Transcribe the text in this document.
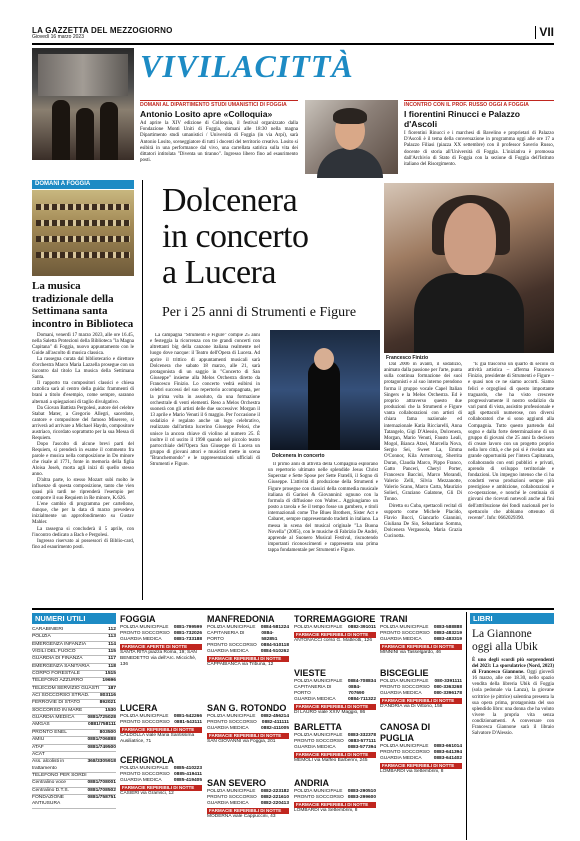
LA GAZZETTA DEL MEZZOGIORNO
Giovedì 16 marzo 2023	VII
VIVILACITTÀ
DOMANI AL DIPARTIMENTO STUDI UMANISTICI DI FOGGIA
Antonio Losito apre «Colloquia»
Ad aprire la XIV edizione di Colloquia, il festival organizzato dalla Fondazione Monti Uniti di Foggia, domani alle 18:30 nella magna Dipartimento studi umanistici / Università di Foggia (in via Arpi), sarà Antonio Losito, sceneggiatore di tutti i docenti del territorio creativo. Losito si esibirà in una performance dal vivo, una carrellata satirica sulla vita dei dittatori intitolata "Diventa un tiranno". Ingresso libero fino ad esaurimento posti.
INCONTRO CON IL PROF. RUSSO OGGI A FOGGIA
I fiorentini Rinucci e Palazzo d'Ascoli
I fiorentini Rinucci e i marchesi di Bavelino e proprietari di Palazzo D'Ascoli è il tema della conversazione in programma oggi alle ore 17 a Palazzo Filiasi (piazza XX settembre) con il professor Saverio Russo, docente di storia all'Università di Foggia. L'iniziativa è promossa dall'Archivio di Stato di Foggia con la sezione di Foggia dell'Istituto italiano del Risorgimento.
DOMANI A FOGGIA
La musica tradizionale della Settimana santa incontro in Biblioteca

Domani, venerdì 17 marzo 2023, alle ore 16.45, nella Saletta Protezioni della Biblioteca "la Magna Capitana" di Foggia, nuovo appuntamento con le Guide all'ascolto di musica classica.

La rassegna curata dal bibliotecario e direttore d'orchestra Marco Maria Lazzella prosegue con un incontro dal titolo La musica della Settimana Santa.

Il rapporto tra compositori classici e chiesa cattolica sarà al centro della guida: frammenti di brani a titolo d'esempio, come sempre, saranno alternati a spiegazioni di taglio divulgativo.

Da Giovan Battista Pergolesi, autore del celebre Stabat Mater, a Gregorio Allegri, sacerdote, cantore e compositore del famoso Miserere, si arriverà ad arrivare a Michael Haydn, compositore austriaco, ricordato soprattutto per la sua Messa di Requiem.

Dopo l'ascolto di alcune brevi parti del Requiem, si prenderà in esame il commento fra parole e musica nella composizione in Do minore che risale al 1771, fonte in memoria della figlia Aloisa Joseh, morta agli inizi di quello stesso anno.

D'altra parte, lo stesso Mozart subì molto le influenze di questa composizione, tanto che vien quasi più tardi ne riprenderà l'esempio per comporre il suo Requiem in Re minore, K.626.

L'ene cambio di programma per cartellone, dunque, che per la data di marzo prevedeva inizialmente un approfondimento su Gustav Mahler.

La rassegna si concluderà il 5 aprile, con l'incontro dedicato a Bach e Pergolesi.

Ingresso riservato ai possessori di Biblio-card, fino ad esaurimento posti.

Dolcenera
in concerto
a Lucera
Per i 25 anni di Strumenti e Figure
Francesco Finizio
Dolcenera in concerto

La campagna "Strumenti e Figure" compie 25 anni e festeggia la ricorrenza con tre grandi concerti con altrettanti big della canzone italiana realmente nel luogo dove nacque: il Teatro dell'Opera di Lucera. Ad aprire il trittico di appuntamenti musicali sarà Dolcenera che sabato 18 marzo, alle 21, sarà protagonista di un saggio in "Concerto di San Giuseppe" insieme alla Melos Orchestra diretto da Francesco Finizio. Lo concerto vedrà esibirsi in celebri successi del suo repertorio accompagnata, per la prima volta in assoluto, da una formazione orchestrale di venti elementi. Reso a Melos Orchestra suonerà con gli artisti delle due successive: Morgan il 13 aprile e Mario Venuti il 6 maggio. Per l'occasione il sodalizio è regalato anche un logo celebrativo, realizzato dall'artista lucerino Giuseppe Pelosi, che unisce la ancora chiave di violino al numero 25. È inoltre il cd uscito il 1998 quando nel piccolo teatro parrocchiale dell'Opera San Giuseppe di Lucera un gruppo di giovani attori e musicisti mette in scena "Branchemondo" e le rappresentazioni ufficiali di Strumenti e Figure.	Il primo anni di attività della Compagnia esplorano un repertorio ultimato nelle splendide Jesus Christ Superstar e Sette Spose per Sette Fratelli, il Sogno di Giuseppe. L'attività di produzione della Strumenti e Figure prosegue con classici della commedia musicale italiana di Garinei & Giovannini: ognuno con la formula di diffusione con Walter... Aggiungiamo un posto a tavola e Se il tempo fosse un gambero, e titoli internazionali come The Blues Brothers, Sister Act e Cabaret, sempre rappresentando tradotti in italiano. La messa in scena del musical originale "La Buona Novella" (2005), con le musiche di Fabrizio De André, apprende al Suonero Musical Festival, riscuotendo importanti riconoscimenti e rappresenta una prima tappa fondamentale per Strumenti e Figure.

Dal 2006 in avanti, il sodalizio, animato dalla passione per l'arte, punta sulla continua formazione dei suoi protagonisti e al suo interno prendono forma il gruppo vocale Capel Italian Singers e la Melos Orchestra. Ed è proprio attraverso questo due produzioni che la Strumenti e Figure vanta collaborazioni con artisti di chiara fama nazionale ed internazionale Katia Ricciarelli, Anna Tatangelo, Gigi D'Alessio, Dolcenera, Morgan, Mario Venuti, Fausto Leali, Mogol, Bianca Atzei, Marcella Nova, Sergio Sei, Sweet La, Emma O'Connor, Kila Armstrong, Sherrita Duran, Claudia Marco, Pippo Franco, Gatto Panceri, Cheryl Porter, Francesco Baccini, Marco Morandi, Valerio Zelli, Silvia Mezzanotte, Valerio Scanu, Marco Carta, Maurizio Solieri, Graziano Galatone, Gli Di Tonno.

Diretta su Cuba, spettacoli recital di supporto come Michele Placido, Flavio Bucci, Giancarlo Giannini, Giuliana De Sio, Sebastiano Somma, Dolcenera Vergassola, Maria Grazia Cucinotta.

"È già trascorso un quarto di secolo di attività artistica – afferma Francesco Finizio, presidente di Strumenti e Figure – e quasi non ce ne siamo accorti. Siamo felici e orgogliosi di questo importante traguardo, che ha visto crescere progressivamente il nostro sodalizio da vari punti di vista, assistito professionale e agli spettacoli numerose, con diversi collaboratori che si sono aggiunti alla Compagnia. Tutto questo partendo dal sogno e dalla forte determinazione di un gruppo di giovani che 25 anni fa decisero di creare lavoro con un progetto proprio nella loro città, e che poi si è rivelato una grande opportunità per l'intera Capitanata, collaborando con enti pubblici e privati, aprendo di sviluppo territoriale e fondazioni. Un impegno intenso che ci ha condotti verso produzioni sempre più prestigiose e ambizione, collaborazioni e co-operazione, e nonché le centinaia di giovani che ricevuti notevoli anche ai fini dell'attribuzione dei fondi nazionali per lo spettacolo che abbiamo ottenuto di recente". Info: 0662029390.

NUMERI UTILI
CARABINIERI	112
POLIZIA	113
EMERGENZA INFANZIA	114
VIGILI DEL FUOCO	115
GUARDIA DI FINANZA	117
EMERGENZA SANITARIA	118
CORPO FORESTALE	1515
TELEFONO AZZURRO	19696
TELECOM SERVIZIO GUASTI 187
ACI SOCCORSO STRAD. 803116
FERROVIE DI STATO	892021
SOCCORSO IN MARE	1530
GUARDIA MEDICA	0881/725028
AMGAS	0881/758111
PRONTO ENEL	803500
AMIU	0881/706888
ATAF	0881/749500
ACAT
Ass. alcolisti in trattamento
368/3305918
TELEFONO PER SORDI
Centralino voce	0881/708001
Centralino D.T.S.	0881/708502
FONDAZIONE ANTIUSURA
0881/758751
FOGGIA
POLIZIA MUNICIPALE 0881-799599
PRONTO SOCCORSO 0881-732026
GUARDIA MEDICA	0881-733188
FARMACIE APERTE DI NOTTE
SANTA RITA piazza Roma, 19; SAN BENEDETTO via dell'Arc. Miccichè, 136
LUCERA
POLIZIA MUNICIPALE 0881-542266
PRONTO SOCCORSO 0881-543111
FARMACIE REPERIBILI DI NOTTE
CALDOLLA viale Maria Santissima Ausiliatrice, 71
CERIGNOLA
POLIZIA MUNICIPALE 0885-410223
PRONTO SOCCORSO 0885-419411
GUARDIA MEDICA	0885-419405
FARMACIE REPERIBILI DI NOTTE
CASIERI via Gramsci, 12
MANFREDONIA
POLIZIA MUNICIPALE 0884-581224
CAPITANERIA DI PORTO
0884-582851
PRONTO SOCCORSO 0884-510118
GUARDIA MEDICA	0884-510262
FARMACIE REPERIBILI DI NOTTE
CAPPABIANCA via Tribuna, 12
SAN G. ROTONDO
POLIZIA MUNICIPALE 0882-456214
PRONTO SOCCORSO 0882-411111
GUARDIA MEDICA	0882-411005
FARMACIE REPERIBILI DI NOTTE
SAN GIOVANNI via Foggia, 201
SAN SEVERO
POLIZIA MUNICIPALE 0882-223182
PRONTO SOCCORSO 0882-221610
GUARDIA MEDICA	0882-220413
FARMACIE REPERIBILI DI NOTTE
MODERNA viale Cappuccini, 43
TORREMAGGIORE
POLIZIA MUNICIPALE 0882-391011
FARMACIE REPERIBILI DI NOTTE
ANTONACCI corso G. Matteotti, 126
VIESTE
POLIZIA MUNICIPALE 0884-708834
CAPITANERIA DI PORTO
0884-707690
GUARDIA MEDICA	0884-711322
FARMACIE REPERIBILI DI NOTTE
DI LAURO viale XXIV Maggio, 86
BARLETTA
POLIZIA MUNICIPALE 0883-332378
PRONTO SOCCORSO 0883-577111
GUARDIA MEDICA	0883-577394
FARMACIE REPERIBILI DI NOTTE
MEMOLI via Maffeo Barberini, 245
ANDRIA
POLIZIA MUNICIPALE 0883-290510
PRONTO SOCCORSO 0883-299600
FARMACIE REPERIBILI DI NOTTE
LOMBARDI via Settembrini, 8
TRANI
POLIZIA MUNICIPALE 0883-588888
PRONTO SOCCORSO 0883-483219
GUARDIA MEDICA	0883-483319
FARMACIE REPERIBILI DI NOTTE
MINNINI via Tasselgardo, 46
BISCEGLIE
POLIZIA MUNICIPALE 080-3391111
PRONTO SOCCORSO 080-3363268
GUARDIA MEDICA	080-3396178
FARMACIE REPERIBILI DI NOTTE
D'ANDRIA via Di Vittorio, 158
CANOSA DI PUGLIA
POLIZIA MUNICIPALE 0883-661014
PRONTO SOCCORSO 0883-641394
GUARDIA MEDICA	0883-641402
FARMACIE REPERIBILI DI NOTTE
LOMBARDI via Settembrini, 8
LIBRI
La Giannone oggi alla Ubik
È uno degli scordi più sorprendenti del 2023: La sporulatrice (Nord, 2023) di Francesco Giannone. Oggi giovedì 16 marzo, alle ore 18.30, nello spazio vendita della libreria Ubik di Foggia (sola pedonale via Lanza), la giovane scrittrice (e pittrice) salentina presenta la sua opera prima, protagonista del suo splendido libro: una donna che ha voluto vivere la propria vita senza condizionamenti. A conversare con Francesca Giannone sarà il libraio Salvatore D'Alessio.
